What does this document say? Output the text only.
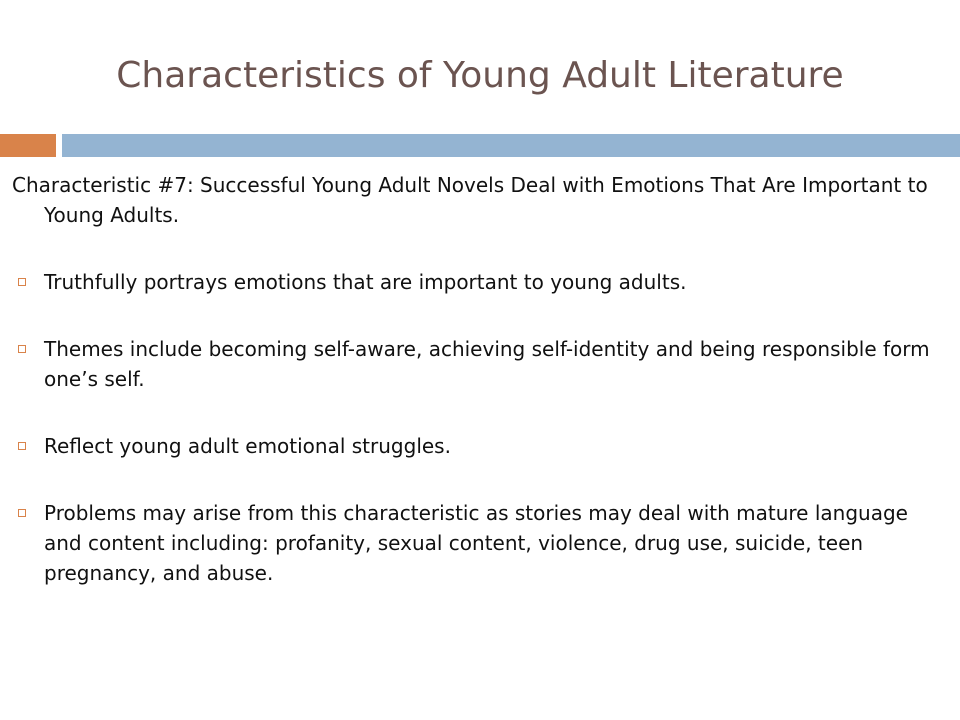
Characteristics of Young Adult Literature

Characteristic #7: Successful Young Adult Novels Deal with Emotions That Are Important to Young Adults.

Truthfully portrays emotions that are important to young adults.
Themes include becoming self-aware, achieving self-identity and being responsible form one’s self.
Reflect young adult emotional struggles.
Problems may arise from this characteristic as stories may deal with mature language and content including: profanity, sexual content, violence, drug use, suicide, teen pregnancy, and abuse.
